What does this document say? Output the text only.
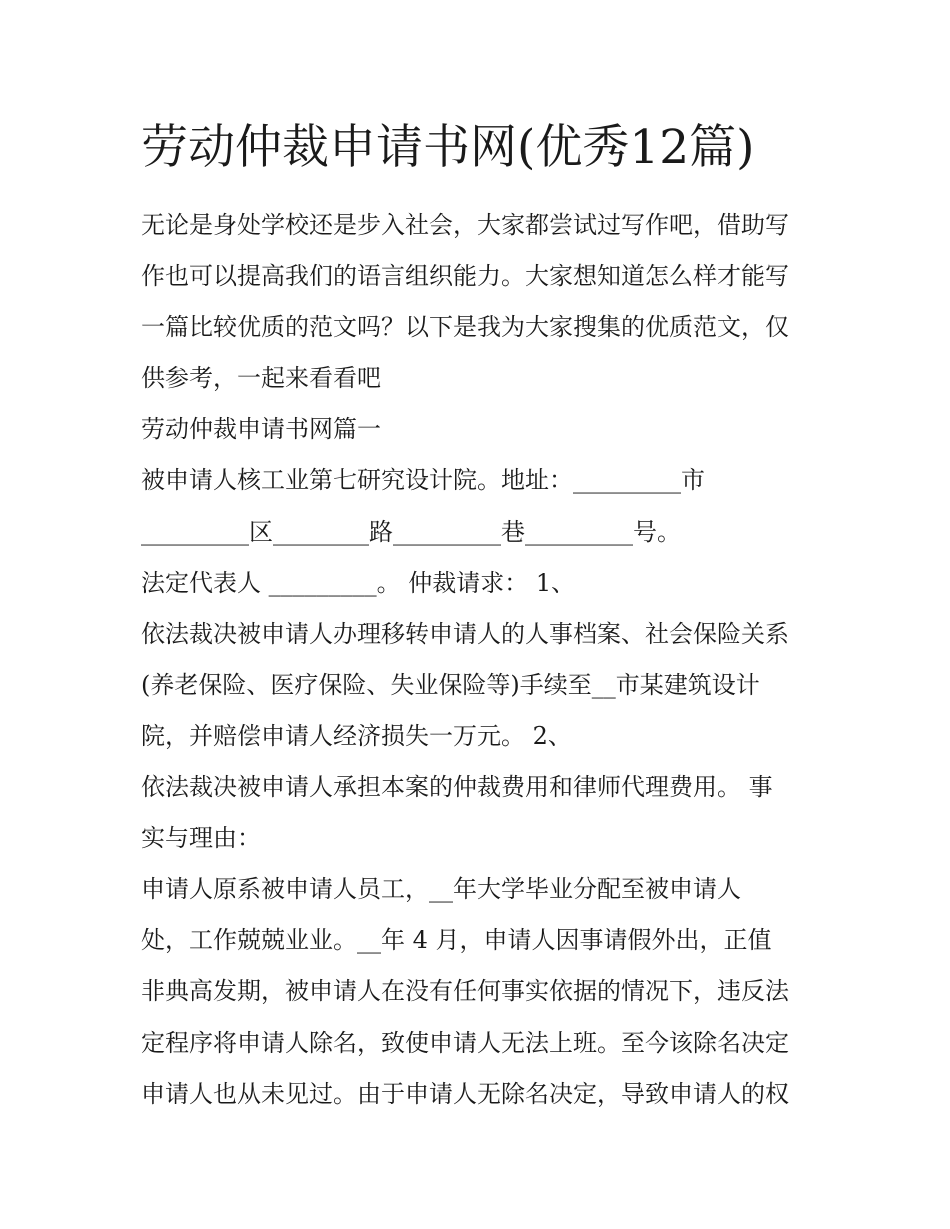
劳动仲裁申请书网(优秀12篇)
无论是身处学校还是步入社会，大家都尝试过写作吧，借助写
作也可以提高我们的语言组织能力。大家想知道怎么样才能写
一篇比较优质的范文吗？以下是我为大家搜集的优质范文，仅
供参考，一起来看看吧
劳动仲裁申请书网篇一
被申请人核工业第七研究设计院。地址：_________市
_________区________路_________巷_________号。
法定代表人 _________。 仲裁请求： 1、
依法裁决被申请人办理移转申请人的人事档案、社会保险关系
(养老保险、医疗保险、失业保险等)手续至__市某建筑设计
院，并赔偿申请人经济损失一万元。 2、
依法裁决被申请人承担本案的仲裁费用和律师代理费用。 事
实与理由：
申请人原系被申请人员工，__年大学毕业分配至被申请人
处，工作兢兢业业。__年 4 月，申请人因事请假外出，正值
非典高发期，被申请人在没有任何事实依据的情况下，违反法
定程序将申请人除名，致使申请人无法上班。至今该除名决定
申请人也从未见过。由于申请人无除名决定，导致申请人的权
